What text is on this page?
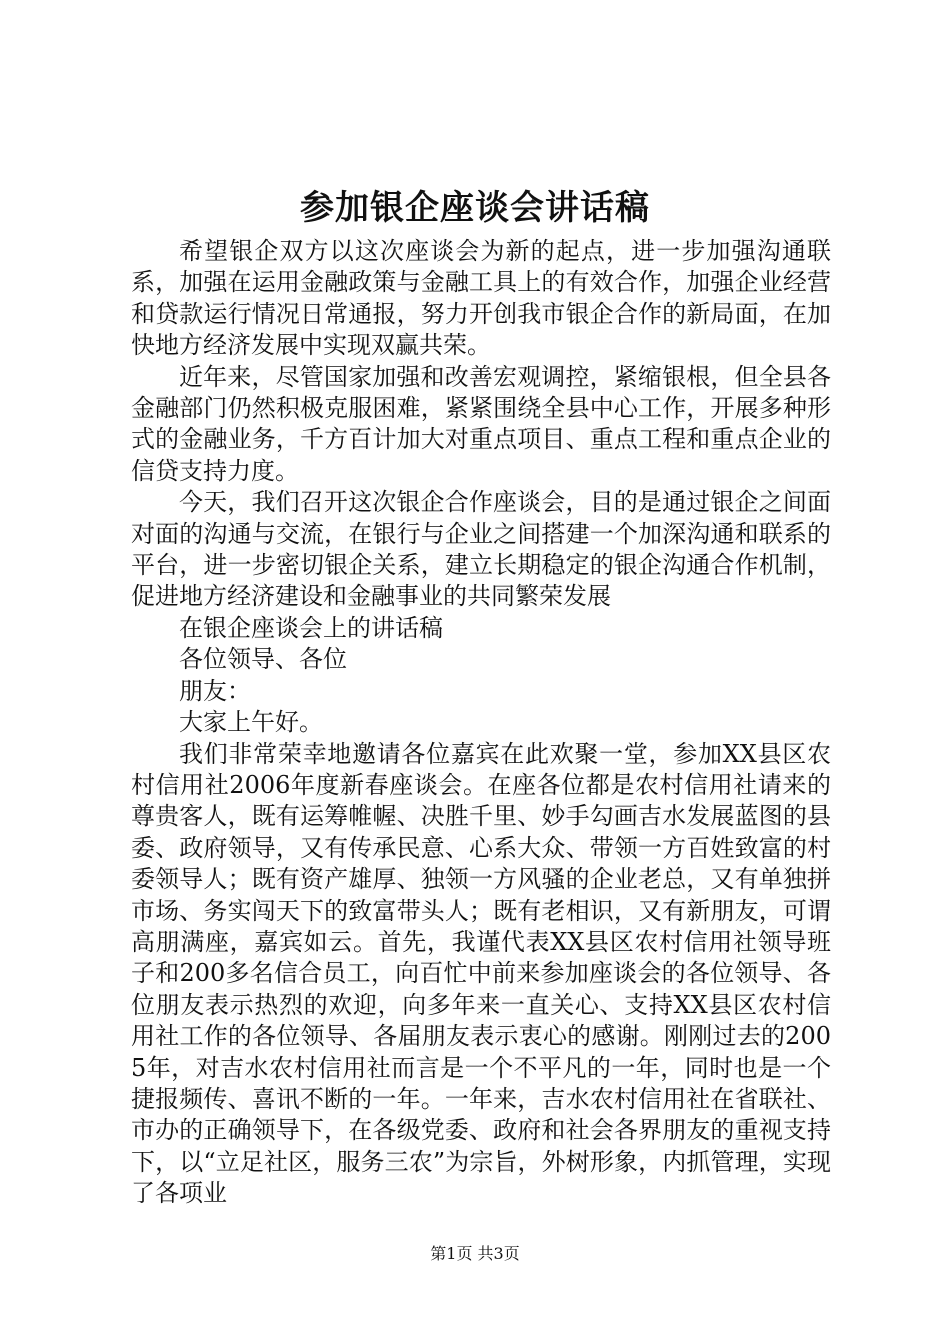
参加银企座谈会讲话稿

希望银企双方以这次座谈会为新的起点，进一步加强沟通联系，加强在运用金融政策与金融工具上的有效合作，加强企业经营和贷款运行情况日常通报，努力开创我市银企合作的新局面，在加快地方经济发展中实现双赢共荣。

近年来，尽管国家加强和改善宏观调控，紧缩银根，但全县各金融部门仍然积极克服困难，紧紧围绕全县中心工作，开展多种形式的金融业务，千方百计加大对重点项目、重点工程和重点企业的信贷支持力度。

今天，我们召开这次银企合作座谈会，目的是通过银企之间面对面的沟通与交流，在银行与企业之间搭建一个加深沟通和联系的平台，进一步密切银企关系，建立长期稳定的银企沟通合作机制，促进地方经济建设和金融事业的共同繁荣发展

在银企座谈会上的讲话稿

各位领导、各位

朋友：

大家上午好。

我们非常荣幸地邀请各位嘉宾在此欢聚一堂，参加XX县区农村信用社2006年度新春座谈会。在座各位都是农村信用社请来的尊贵客人，既有运筹帷幄、决胜千里、妙手勾画吉水发展蓝图的县委、政府领导，又有传承民意、心系大众、带领一方百姓致富的村委领导人；既有资产雄厚、独领一方风骚的企业老总，又有单独拼市场、务实闯天下的致富带头人；既有老相识，又有新朋友，可谓高朋满座，嘉宾如云。首先，我谨代表XX县区农村信用社领导班子和200多名信合员工，向百忙中前来参加座谈会的各位领导、各位朋友表示热烈的欢迎，向多年来一直关心、支持XX县区农村信用社工作的各位领导、各届朋友表示衷心的感谢。刚刚过去的2005年，对吉水农村信用社而言是一个不平凡的一年，同时也是一个捷报频传、喜讯不断的一年。一年来，吉水农村信用社在省联社、市办的正确领导下，在各级党委、政府和社会各界朋友的重视支持下，以“立足社区，服务三农”为宗旨，外树形象，内抓管理，实现了各项业

第1页 共3页
